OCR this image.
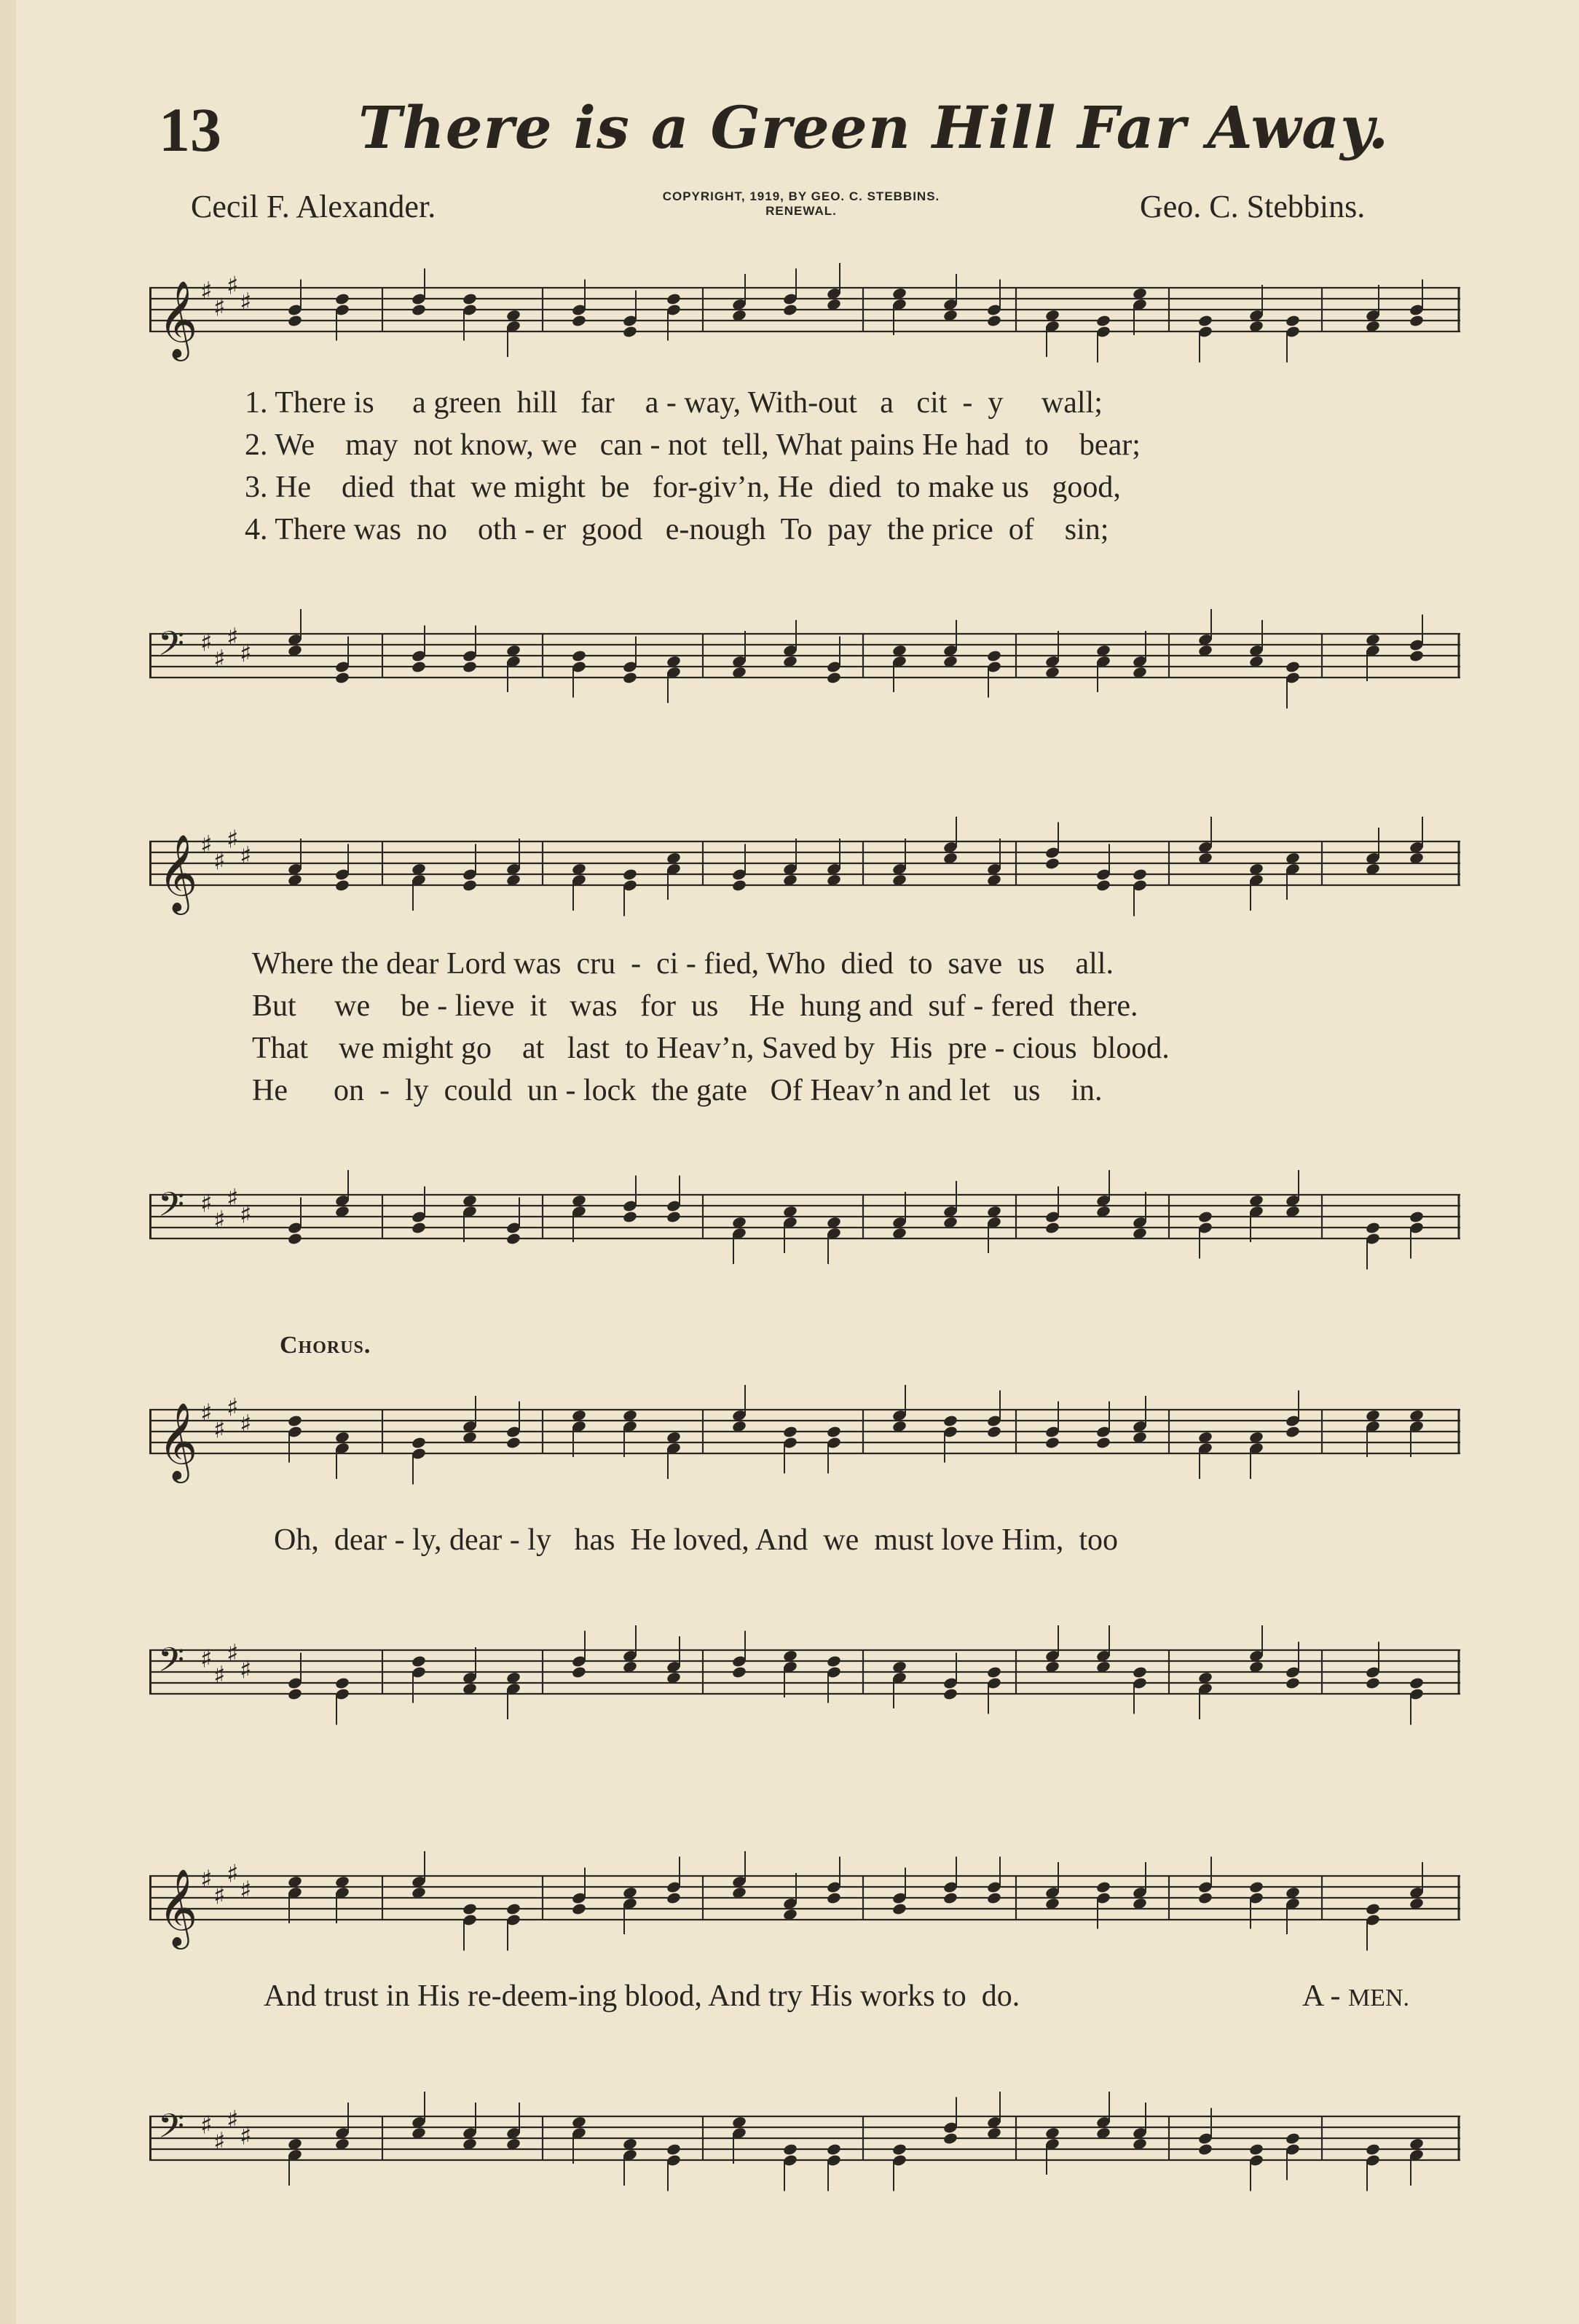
13 There is a Green Hill Far Away.
Cecil F. Alexander.	COPYRIGHT, 1919, BY GEO. C. STEBBINS.
RENEWAL.	Geo. C. Stebbins.
𝄞 ♯
♯
♯
♯
𝄢 ♯
♯
♯
♯
𝄞 ♯
♯
♯
♯
𝄢 ♯
♯
♯
♯
𝄞 ♯
♯
♯
♯
𝄢 ♯
♯
♯
♯
𝄞 ♯
♯
♯
♯
𝄢 ♯
♯
♯
♯
1. There is     a green  hill   far    a - way, With-out   a   cit  -  y     wall;
2. We    may  not know, we   can - not  tell, What pains He had  to    bear;
3. He    died  that  we might  be   for-giv’n, He  died  to make us   good,
4. There was  no    oth - er  good   e-nough  To  pay  the price  of    sin;
Where the dear Lord was  cru  -  ci - fied, Who  died  to  save  us    all.
But     we    be - lieve  it   was   for  us    He  hung and  suf - fered  there.
That    we might go    at   last  to Heav’n, Saved by  His  pre - cious  blood.
He      on  -  ly  could  un - lock  the gate   Of Heav’n and let   us    in.
Chorus.
Oh,  dear - ly, dear - ly   has  He loved, And  we  must love Him,  too
And trust in His re-deem-ing blood, And try His works to  do.	A - MEN.
